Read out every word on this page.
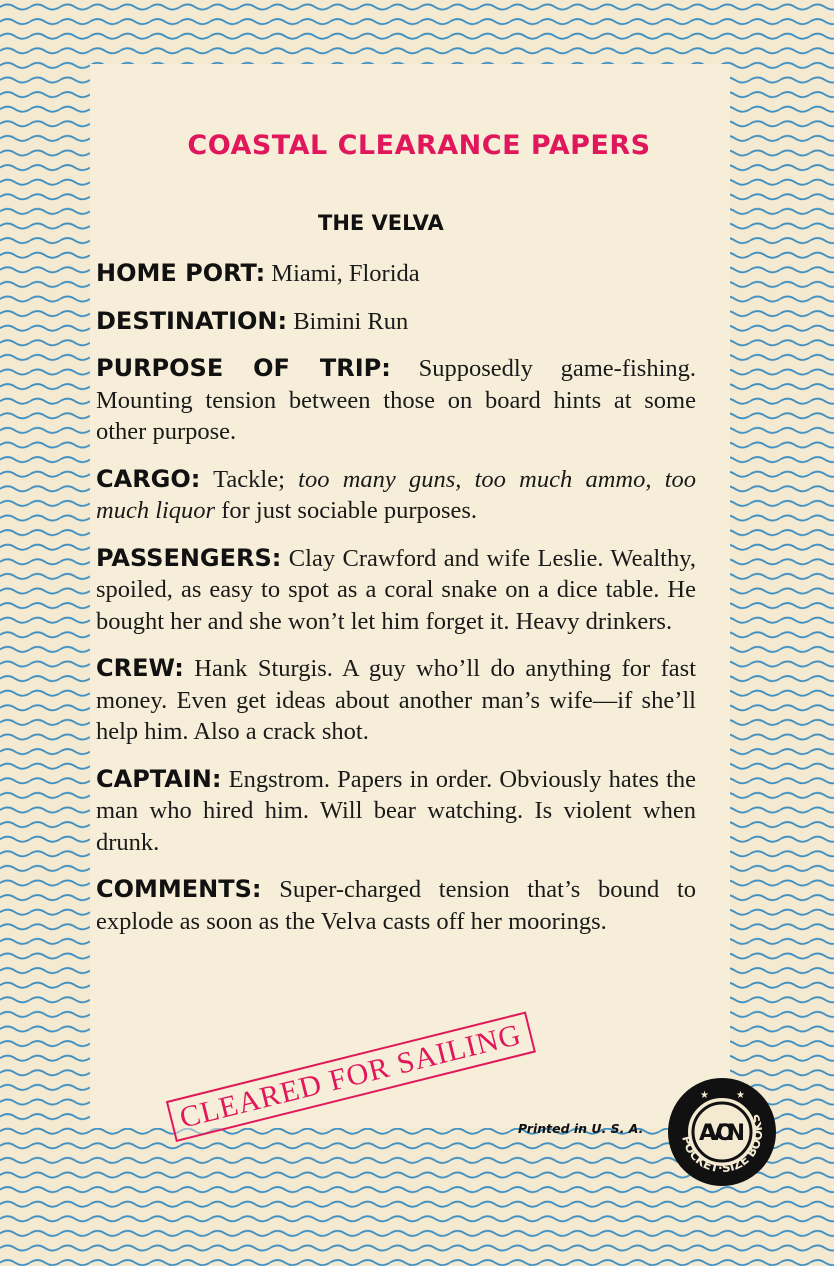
COASTAL CLEARANCE PAPERS
THE VELVA

HOME PORT: Miami, Florida

DESTINATION: Bimini Run

PURPOSE OF TRIP: Supposedly game-fishing. Mounting tension between those on board hints at some other purpose.

CARGO: Tackle; too many guns, too much ammo, too much liquor for just sociable purposes.

PASSENGERS: Clay Crawford and wife Leslie. Wealthy, spoiled, as easy to spot as a coral snake on a dice table. He bought her and she won’t let him forget it. Heavy drinkers.

CREW: Hank Sturgis. A guy who’ll do anything for fast money. Even get ideas about another man’s wife—if she’ll help him. Also a crack shot.

CAPTAIN: Engstrom. Papers in order. Obviously hates the man who hired him. Will bear watching. Is violent when drunk.

COMMENTS: Super-charged tension that’s bound to explode as soon as the Velva casts off her moorings.

CLEARED FOR SAILING
Printed in U. S. A.
POCKET·SIZE BOOKS
AVON
★	★
